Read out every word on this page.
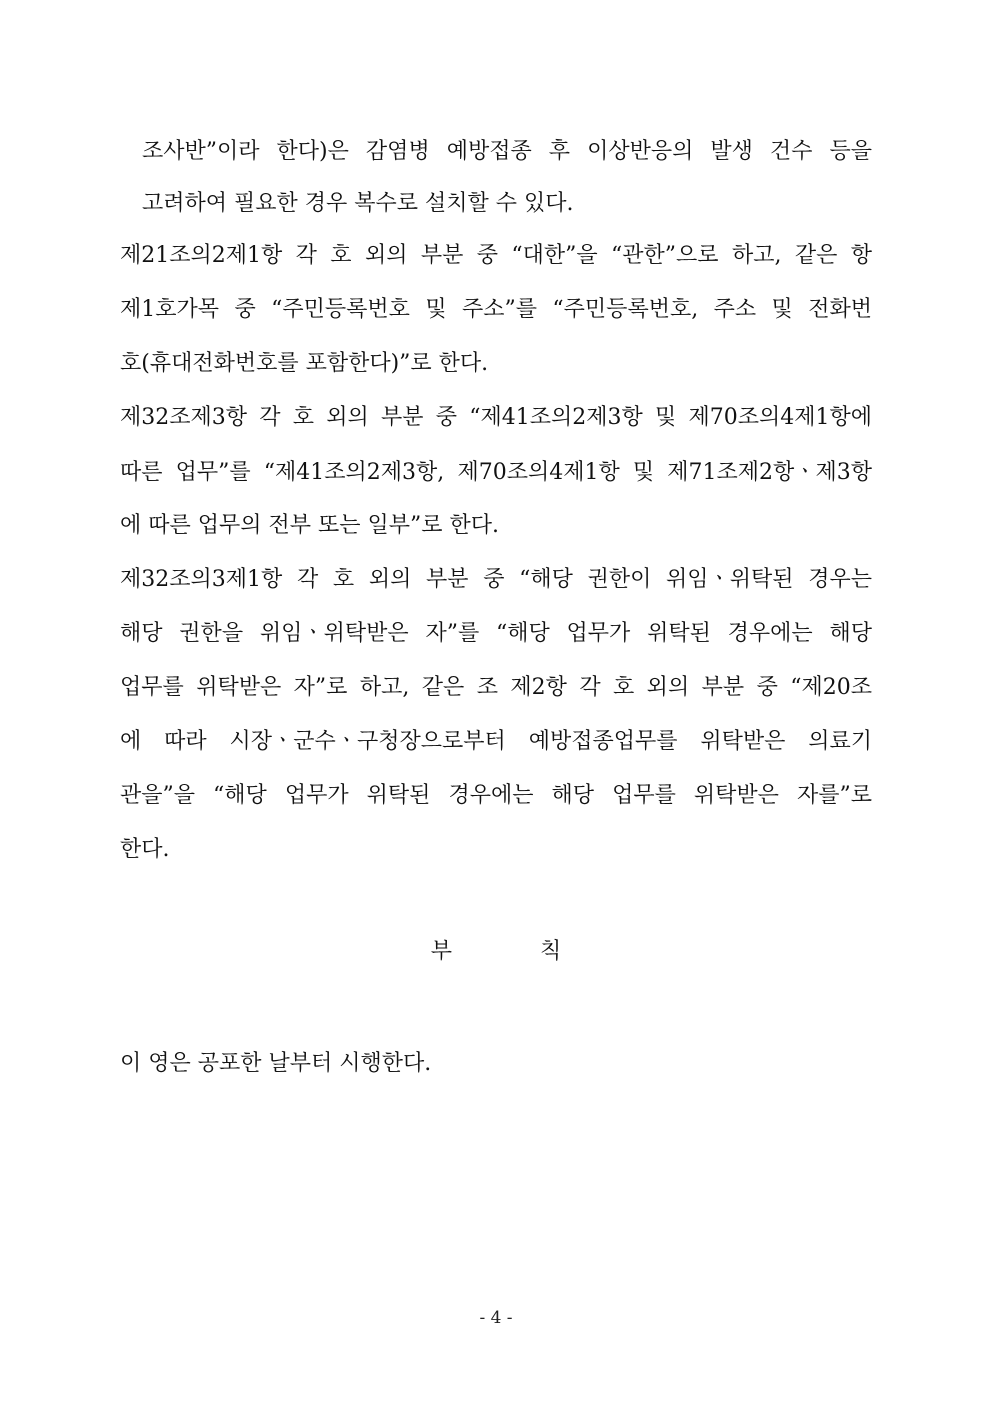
조사반”이라 한다)은 감염병 예방접종 후 이상반응의 발생 건수 등을
고려하여 필요한 경우 복수로 설치할 수 있다.
제21조의2제1항 각 호 외의 부분 중 “대한”을 “관한”으로 하고, 같은 항
제1호가목 중 “주민등록번호 및 주소”를 “주민등록번호, 주소 및 전화번
호(휴대전화번호를 포함한다)”로 한다.
제32조제3항 각 호 외의 부분 중 “제41조의2제3항 및 제70조의4제1항에
따른 업무”를 “제41조의2제3항, 제70조의4제1항 및 제71조제2항ㆍ제3항
에 따른 업무의 전부 또는 일부”로 한다.
제32조의3제1항 각 호 외의 부분 중 “해당 권한이 위임ㆍ위탁된 경우는
해당 권한을 위임ㆍ위탁받은 자”를 “해당 업무가 위탁된 경우에는 해당
업무를 위탁받은 자”로 하고, 같은 조 제2항 각 호 외의 부분 중 “제20조
에 따라 시장ㆍ군수ㆍ구청장으로부터 예방접종업무를 위탁받은 의료기
관을”을 “해당 업무가 위탁된 경우에는 해당 업무를 위탁받은 자를”로
한다.
부	칙
이 영은 공포한 날부터 시행한다.
- 4 -
